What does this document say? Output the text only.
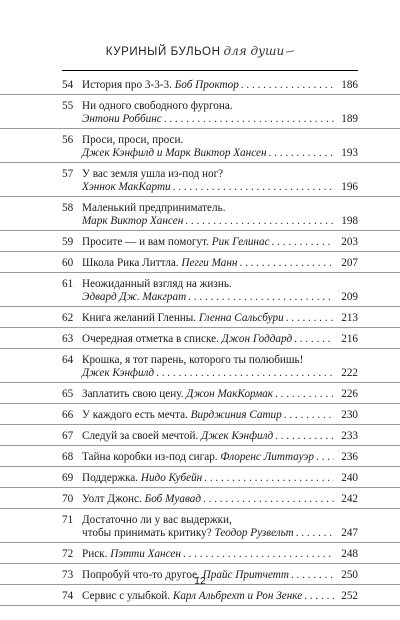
КУРИНЫЙ БУЛЬОН для души
54 История про 3-3-3. Боб Проктор . . .	186
55 Ни одного свободного фургона.
Энтони Роббинс . . .	189
56 Проси, проси, проси.
Джек Кэнфилд и Марк Виктор Хансен . . .	193
57 У вас земля ушла из-под ног?
Хэннок МакКарти . . .	196
58 Маленький предприниматель.
Марк Виктор Хансен . . .	198
59 Просите — и вам помогут. Рик Гелинас . . .	203
60 Школа Рика Литтла. Пегги Манн . . .	207
61 Неожиданный взгляд на жизнь.
Эдвард Дж. Макграт . . .	209
62 Книга желаний Гленны. Гленна Сальсбури . . .	213
63 Очередная отметка в списке. Джон Годдард . . .	216
64 Крошка, я тот парень, которого ты полюбишь!
Джек Кэнфилд . . .	222
65 Заплатить свою цену. Джон МакКормак . . .	226
66 У каждого есть мечта. Вирджиния Сатир . . .	230
67 Следуй за своей мечтой. Джек Кэнфилд . . .	233
68 Тайна коробки из-под сигар. Флоренс Литтауэр . . .	236
69 Поддержка. Нидо Кубейн . . .	240
70 Уолт Джонс. Боб Муавад . . .	242
71 Достаточно ли у вас выдержки,
чтобы принимать критику? Теодор Рузвельт . . .	247
72 Риск. Пэтти Хансен . . .	248
73 Попробуй что-то другое. Прайс Притчетт . . .	250
74 Сервис с улыбкой. Карл Альбрехт и Рон Зенке . . .	252
12
